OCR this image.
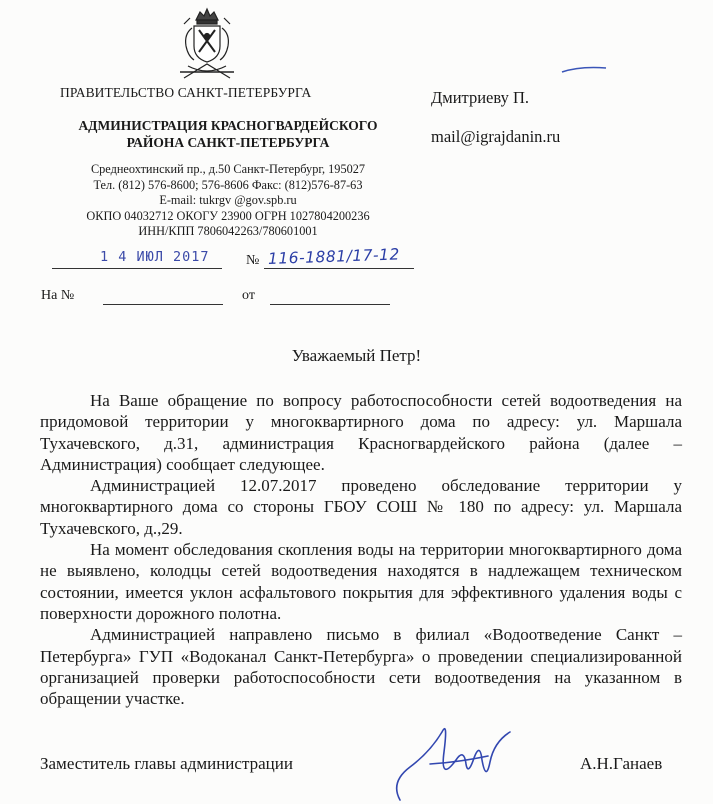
ПРАВИТЕЛЬСТВО САНКТ-ПЕТЕРБУРГА
АДМИНИСТРАЦИЯ КРАСНОГВАРДЕЙСКОГО
РАЙОНА САНКТ-ПЕТЕРБУРГА
Среднеохтинский пр., д.50 Санкт-Петербург, 195027
Тел. (812) 576-8600; 576-8606 Факс: (812)576-87-63
E-mail: tukrgv @gov.spb.ru
ОКПО 04032712 ОКОГУ 23900 ОГРН 1027804200236
ИНН/КПП 7806042263/780601001
Дмитриеву П.
mail@igrajdanin.ru
1 4 ИЮЛ 2017	№ 116-1881/17-12
На №	от
Уважаемый Петр!

На Ваше обращение по вопросу работоспособности сетей водоотведения на придомовой территории у многоквартирного дома по адресу: ул. Маршала Тухачевского, д.31, администрация Красногвардейского района (далее – Администрация) сообщает следующее.

Администрацией 12.07.2017 проведено обследование территории у многоквартирного дома со стороны ГБОУ СОШ № 180 по адресу: ул. Маршала Тухачевского, д.,29.

На момент обследования скопления воды на территории многоквартирного дома не выявлено, колодцы сетей водоотведения находятся в надлежащем техническом состоянии, имеется уклон асфальтового покрытия для эффективного удаления воды с поверхности дорожного полотна.

Администрацией направлено письмо в филиал «Водоотведение Санкт – Петербурга» ГУП «Водоканал Санкт-Петербурга» о проведении специализированной организацией проверки работоспособности сети водоотведения на указанном в обращении участке.

Заместитель главы администрации	А.Н.Ганаев
